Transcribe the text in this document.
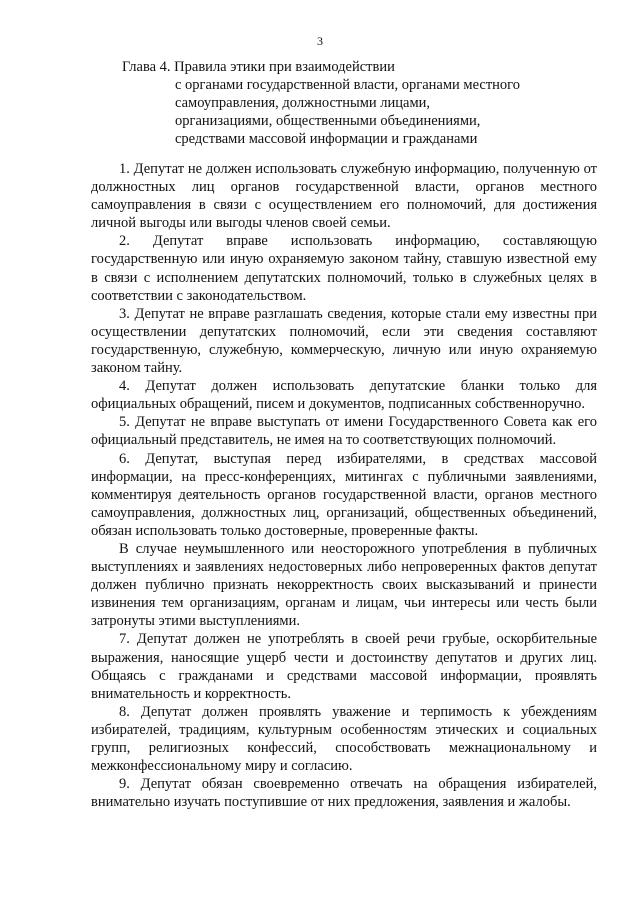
3
Глава 4. Правила этики при взаимодействии
с органами государственной власти, органами местного
самоуправления, должностными лицами,
организациями, общественными объединениями,
средствами массовой информации и гражданами

1. Депутат не должен использовать служебную информацию, полученную от должностных лиц органов государственной власти, органов местного самоуправления в связи с осуществлением его полномочий, для достижения личной выгоды или выгоды членов своей семьи.

2. Депутат вправе использовать информацию, составляющую государственную или иную охраняемую законом тайну, ставшую известной ему в связи с исполнением депутатских полномочий, только в служебных целях в соответствии с законодательством.

3. Депутат не вправе разглашать сведения, которые стали ему известны при осуществлении депутатских полномочий, если эти сведения составляют государственную, служебную, коммерческую, личную или иную охраняемую законом тайну.

4. Депутат должен использовать депутатские бланки только для официальных обращений, писем и документов, подписанных собственноручно.

5. Депутат не вправе выступать от имени Государственного Совета как его официальный представитель, не имея на то соответствующих полномочий.

6. Депутат, выступая перед избирателями, в средствах массовой информации, на пресс-конференциях, митингах с публичными заявлениями, комментируя деятельность органов государственной власти, органов местного самоуправления, должностных лиц, организаций, общественных объединений, обязан использовать только достоверные, проверенные факты.

В случае неумышленного или неосторожного употребления в публичных выступлениях и заявлениях недостоверных либо непроверенных фактов депутат должен публично признать некорректность своих высказываний и принести извинения тем организациям, органам и лицам, чьи интересы или честь были затронуты этими выступлениями.

7. Депутат должен не употреблять в своей речи грубые, оскорбительные выражения, наносящие ущерб чести и достоинству депутатов и других лиц. Общаясь с гражданами и средствами массовой информации, проявлять внимательность и корректность.

8. Депутат должен проявлять уважение и терпимость к убеждениям избирателей, традициям, культурным особенностям этических и социальных групп, религиозных конфессий, способствовать межнациональному и межконфессиональному миру и согласию.

9. Депутат обязан своевременно отвечать на обращения избирателей, внимательно изучать поступившие от них предложения, заявления и жалобы.
